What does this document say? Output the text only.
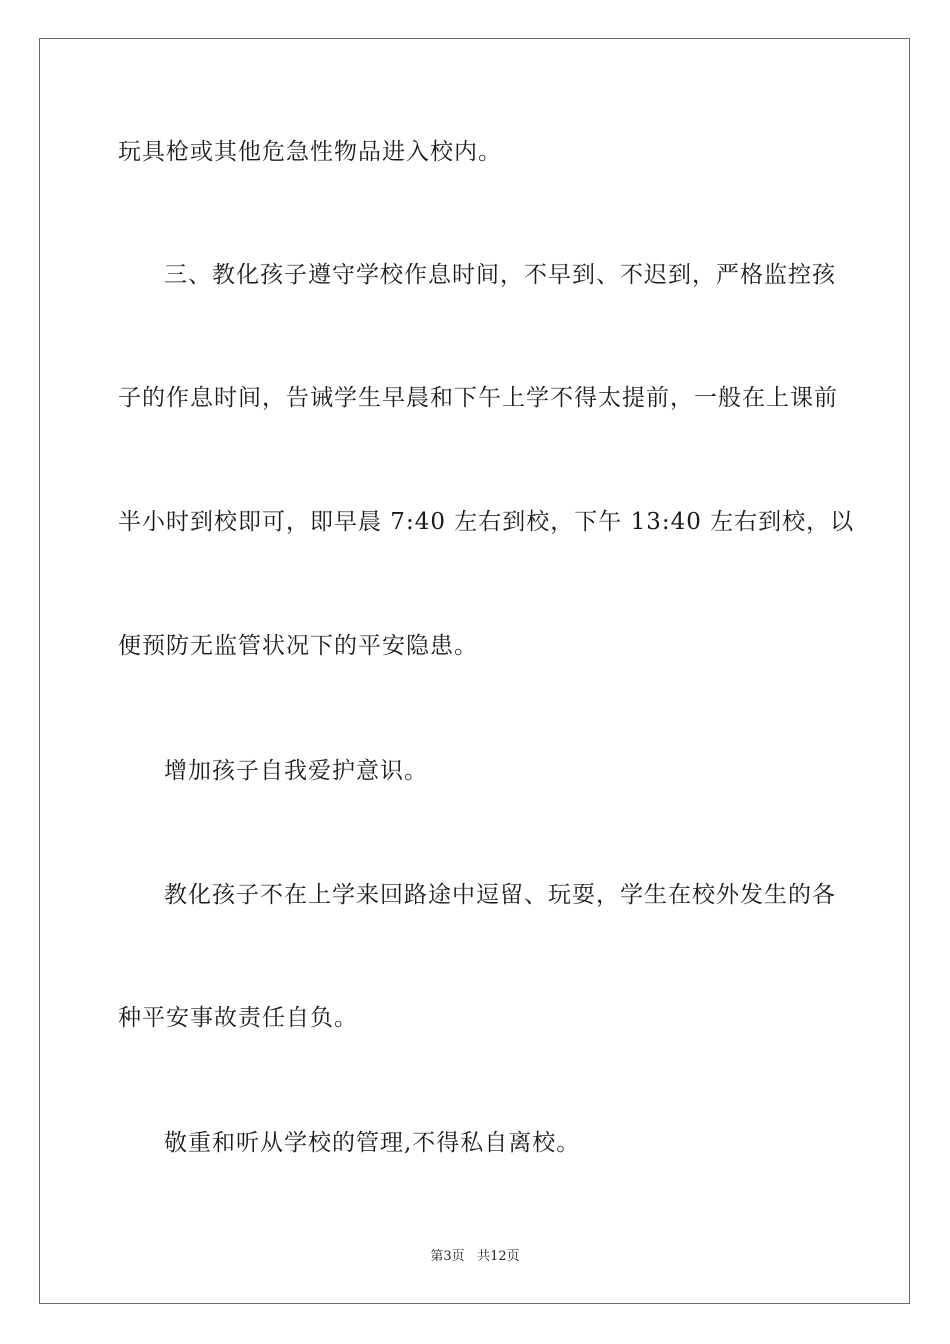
玩具枪或其他危急性物品进入校内。
三、教化孩子遵守学校作息时间，不早到、不迟到，严格监控孩
子的作息时间，告诫学生早晨和下午上学不得太提前，一般在上课前
半小时到校即可，即早晨 7:40 左右到校，下午 13:40 左右到校，以
便预防无监管状况下的平安隐患。
增加孩子自我爱护意识。
教化孩子不在上学来回路途中逗留、玩耍，学生在校外发生的各
种平安事故责任自负。
敬重和听从学校的管理,不得私自离校。
第3页 共12页
